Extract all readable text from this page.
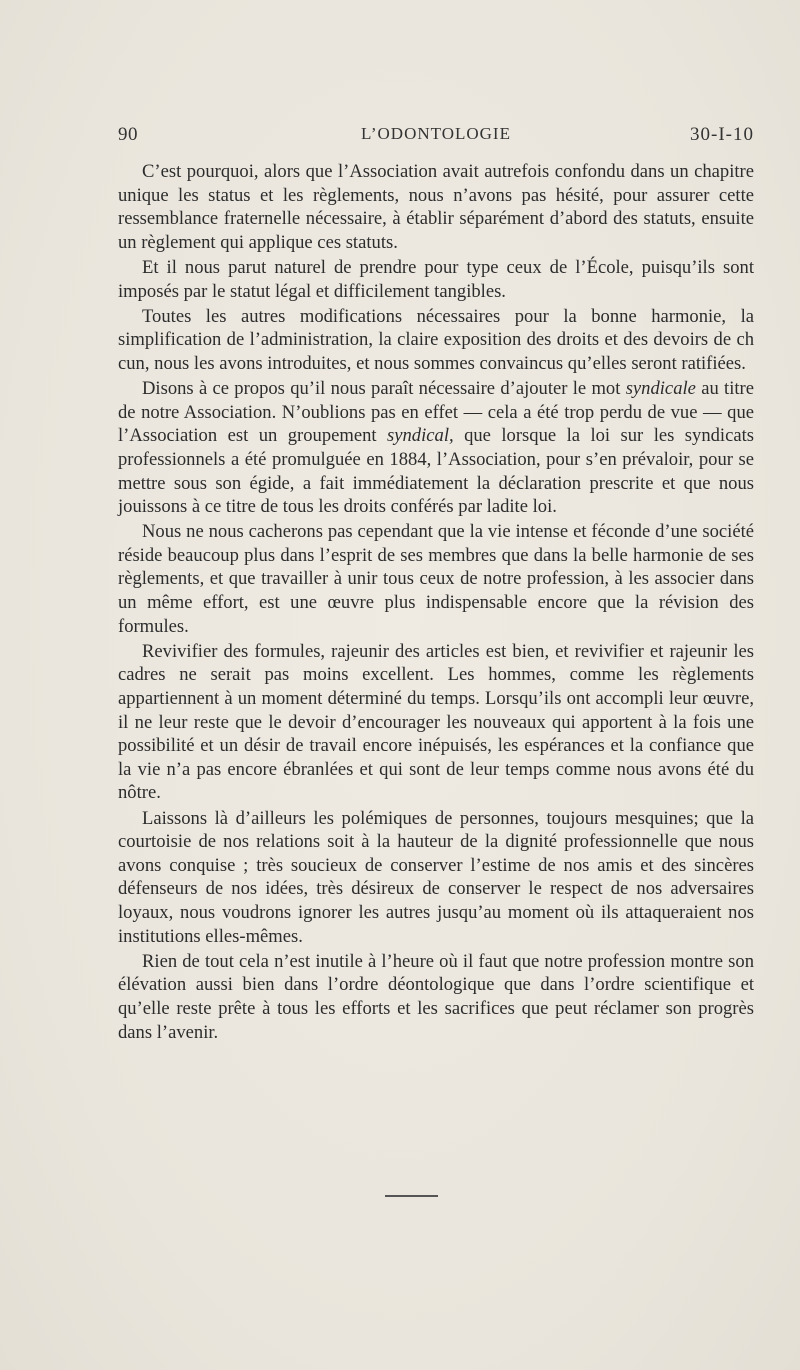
90	L’ODONTOLOGIE	30-I-10

C’est pourquoi, alors que l’Association avait autrefois confondu dans un chapitre unique les status et les règlements, nous n’avons pas hésité, pour assurer cette ressemblance fraternelle nécessaire, à établir séparément d’abord des statuts, ensuite un règlement qui applique ces statuts.

Et il nous parut naturel de prendre pour type ceux de l’École, puisqu’ils sont imposés par le statut légal et difficilement tangibles.

Toutes les autres modifications nécessaires pour la bonne harmonie, la simplification de l’administration, la claire exposition des droits et des devoirs de ch cun, nous les avons introduites, et nous sommes convaincus qu’elles seront ratifiées.

Disons à ce propos qu’il nous paraît nécessaire d’ajouter le mot syndicale au titre de notre Association. N’oublions pas en effet — cela a été trop perdu de vue — que l’Association est un groupement syndical, que lorsque la loi sur les syndicats professionnels a été promulguée en 1884, l’Association, pour s’en prévaloir, pour se mettre sous son égide, a fait immédiatement la déclaration prescrite et que nous jouissons à ce titre de tous les droits conférés par ladite loi.

Nous ne nous cacherons pas cependant que la vie intense et féconde d’une société réside beaucoup plus dans l’esprit de ses membres que dans la belle harmonie de ses règlements, et que travailler à unir tous ceux de notre profession, à les associer dans un même effort, est une œuvre plus indispensable encore que la révision des formules.

Revivifier des formules, rajeunir des articles est bien, et revivifier et rajeunir les cadres ne serait pas moins excellent. Les hommes, comme les règlements appartiennent à un moment déterminé du temps. Lorsqu’ils ont accompli leur œuvre, il ne leur reste que le devoir d’encourager les nouveaux qui apportent à la fois une possibilité et un désir de travail encore inépuisés, les espérances et la confiance que la vie n’a pas encore ébranlées et qui sont de leur temps comme nous avons été du nôtre.

Laissons là d’ailleurs les polémiques de personnes, toujours mesquines; que la courtoisie de nos relations soit à la hauteur de la dignité professionnelle que nous avons conquise ; très soucieux de conserver l’estime de nos amis et des sincères défenseurs de nos idées, très désireux de conserver le respect de nos adversaires loyaux, nous voudrons ignorer les autres jusqu’au moment où ils attaqueraient nos institutions elles-mêmes.

Rien de tout cela n’est inutile à l’heure où il faut que notre profession montre son élévation aussi bien dans l’ordre déontologique que dans l’ordre scientifique et qu’elle reste prête à tous les efforts et les sacrifices que peut réclamer son progrès dans l’avenir.
